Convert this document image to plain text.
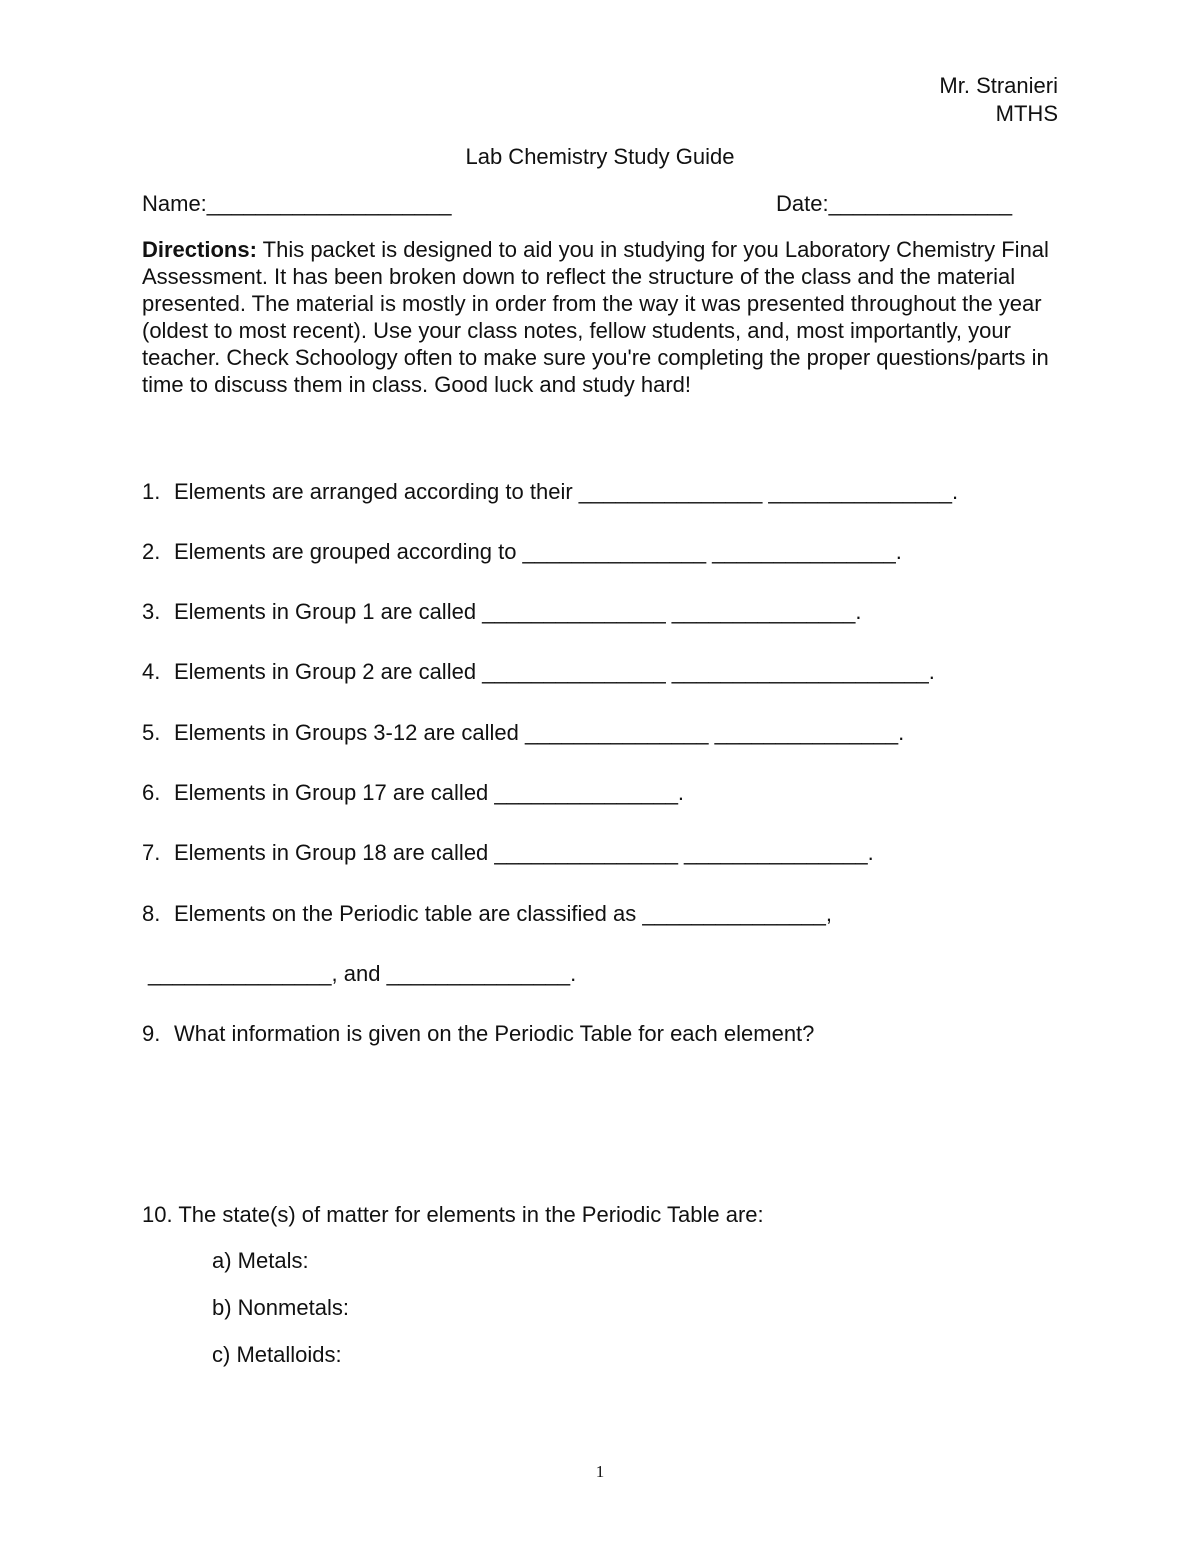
Mr. Stranieri
MTHS
Lab Chemistry Study Guide
Name:____________________	Date:_______________
Directions: This packet is designed to aid you in studying for you Laboratory Chemistry Final Assessment. It has been broken down to reflect the structure of the class and the material presented. The material is mostly in order from the way it was presented throughout the year (oldest to most recent). Use your class notes, fellow students, and, most importantly, your teacher. Check Schoology often to make sure you're completing the proper questions/parts in time to discuss them in class. Good luck and study hard!
1. Elements are arranged according to their _______________ _______________.
2. Elements are grouped according to _______________ _______________.
3. Elements in Group 1 are called _______________ _______________.
4. Elements in Group 2 are called _______________ _____________________.
5. Elements in Groups 3-12 are called _______________ _______________.
6. Elements in Group 17 are called _______________.
7. Elements in Group 18 are called _______________ _______________.
8. Elements on the Periodic table are classified as _______________,
_______________, and _______________.
9. What information is given on the Periodic Table for each element?
10. The state(s) of matter for elements in the Periodic Table are:
a) Metals:
b) Nonmetals:
c) Metalloids:
1
